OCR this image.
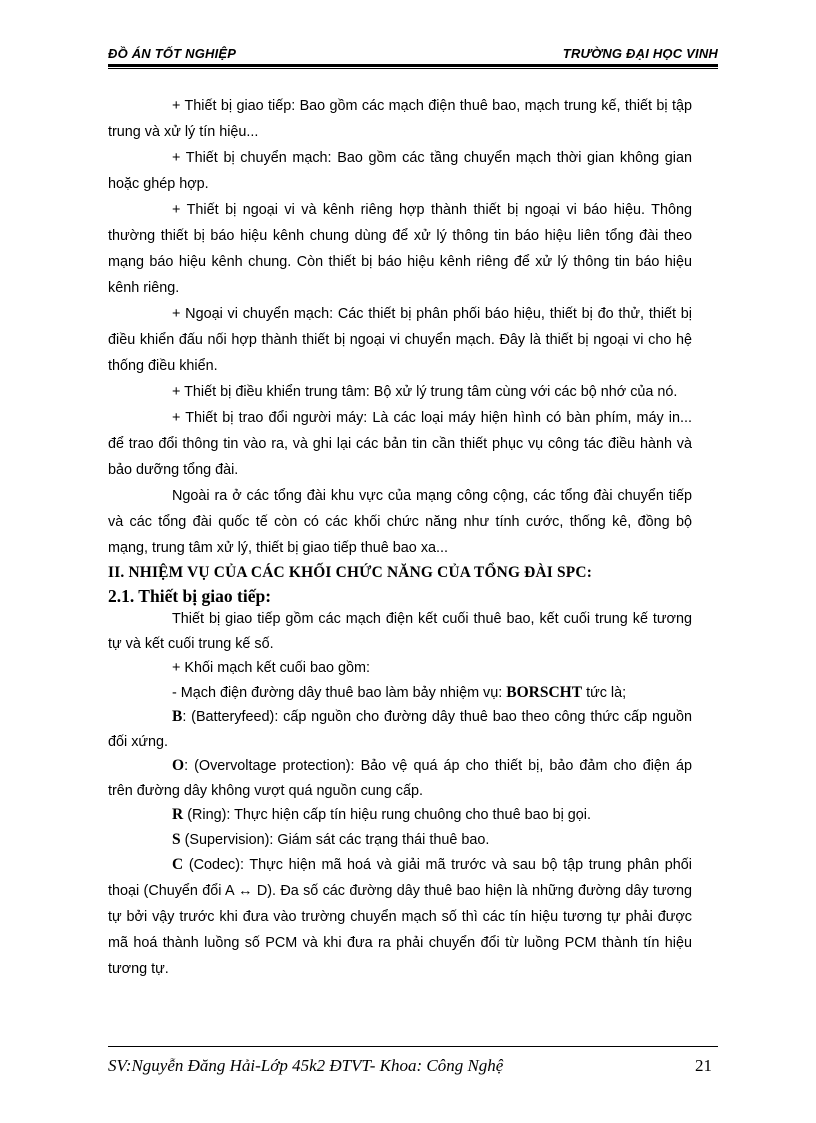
ĐỒ ÁN TỐT NGHIỆP	TRƯỜNG ĐẠI HỌC VINH

+ Thiết bị giao tiếp: Bao gồm các mạch điện thuê bao, mạch trung kế, thiết bị tập trung và xử lý tín hiệu...

+ Thiết bị chuyển mạch: Bao gồm các tầng chuyển mạch thời gian không gian hoặc ghép hợp.

+ Thiết bị ngoại vi và kênh riêng hợp thành thiết bị ngoại vi báo hiệu. Thông thường thiết bị báo hiệu kênh chung dùng để xử lý thông tin báo hiệu liên tổng đài theo mạng báo hiệu kênh chung. Còn thiết bị báo hiệu kênh riêng để xử lý thông tin báo hiệu kênh riêng.

+ Ngoại vi chuyển mạch: Các thiết bị phân phối báo hiệu, thiết bị đo thử, thiết bị điều khiển đấu nối hợp thành thiết bị ngoại vi chuyển mạch. Đây là thiết bị ngoại vi cho hệ thống điều khiển.

+ Thiết bị điều khiển trung tâm: Bộ xử lý trung tâm cùng với các bộ nhớ của nó.

+ Thiết bị trao đổi người máy: Là các loại máy hiện hình có bàn phím, máy in... để trao đổi thông tin vào ra, và ghi lại các bản tin cần thiết phục vụ công tác điều hành và bảo dưỡng tổng đài.

Ngoài ra ở các tổng đài khu vực của mạng công cộng, các tổng đài chuyển tiếp và các tổng đài quốc tế còn có các khối chức năng như tính cước, thống kê, đồng bộ mạng, trung tâm xử lý, thiết bị giao tiếp thuê bao xa...

II. NHIỆM VỤ CỦA CÁC KHỐI CHỨC NĂNG CỦA TỔNG ĐÀI SPC:

2.1. Thiết bị giao tiếp:

Thiết bị giao tiếp gồm các mạch điện kết cuối thuê bao, kết cuối trung kế tương tự và kết cuối trung kế số.

+ Khối mạch kết cuối bao gồm:

- Mạch điện đường dây thuê bao làm bảy nhiệm vụ: BORSCHT tức là;

B: (Batteryfeed): cấp nguồn cho đường dây thuê bao theo công thức cấp nguồn đối xứng.

O: (Overvoltage protection): Bảo vệ quá áp cho thiết bị, bảo đảm cho điện áp trên đường dây không vượt quá nguồn cung cấp.

R (Ring): Thực hiện cấp tín hiệu rung chuông cho thuê bao bị gọi.

S (Supervision): Giám sát các trạng thái thuê bao.

C (Codec): Thực hiện mã hoá và giải mã trước và sau bộ tập trung phân phối thoại (Chuyển đổi A ↔ D). Đa số các đường dây thuê bao hiện là những đường dây tương tự bởi vậy trước khi đưa vào trường chuyển mạch số thì các tín hiệu tương tự phải được mã hoá thành luồng số PCM và khi đưa ra phải chuyển đổi từ luồng PCM thành tín hiệu tương tự.

SV:Nguyễn Đăng Hải-Lớp 45k2 ĐTVT- Khoa: Công Nghệ	21
